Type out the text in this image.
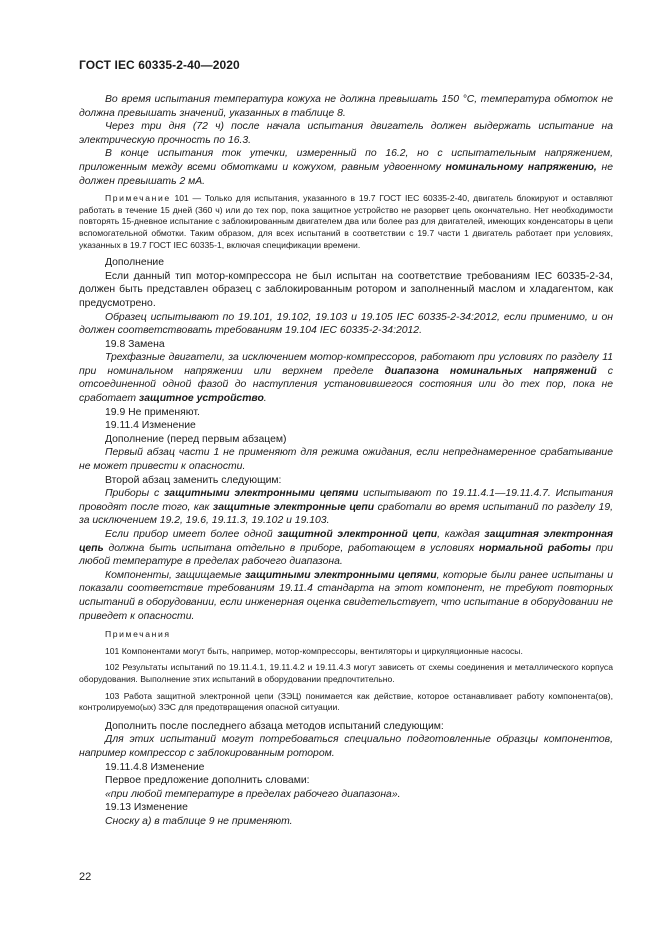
ГОСТ IEC 60335-2-40—2020

Во время испытания температура кожуха не должна превышать 150 °С, температура обмоток не должна превышать значений, указанных в таблице 8.

Через три дня (72 ч) после начала испытания двигатель должен выдержать испытание на электрическую прочность по 16.3.

В конце испытания ток утечки, измеренный по 16.2, но с испытательным напряжением, приложенным между всеми обмотками и кожухом, равным удвоенному номинальному напряжению, не должен превышать 2 мА.

Примечание 101 — Только для испытания, указанного в 19.7 ГОСТ IEC 60335-2-40, двигатель блокируют и оставляют работать в течение 15 дней (360 ч) или до тех пор, пока защитное устройство не разорвет цепь окончательно. Нет необходимости повторять 15-дневное испытание с заблокированным двигателем два или более раз для двигателей, имеющих конденсаторы в цепи вспомогательной обмотки. Таким образом, для всех испытаний в соответствии с 19.7 части 1 двигатель работает при условиях, указанных в 19.7 ГОСТ IEC 60335-1, включая спецификации времени.

Дополнение

Если данный тип мотор-компрессора не был испытан на соответствие требованиям IEC 60335-2-34, должен быть представлен образец с заблокированным ротором и заполненный маслом и хладагентом, как предусмотрено.

Образец испытывают по 19.101, 19.102, 19.103 и 19.105 IEC 60335-2-34:2012, если применимо, и он должен соответствовать требованиям 19.104 IEC 60335-2-34:2012.

19.8 Замена

Трехфазные двигатели, за исключением мотор-компрессоров, работают при условиях по разделу 11 при номинальном напряжении или верхнем пределе диапазона номинальных напряжений с отсоединенной одной фазой до наступления установившегося состояния или до тех пор, пока не сработает защитное устройство.

19.9 Не применяют.

19.11.4 Изменение

Дополнение (перед первым абзацем)

Первый абзац части 1 не применяют для режима ожидания, если непреднамеренное срабатывание не может привести к опасности.

Второй абзац заменить следующим:

Приборы с защитными электронными цепями испытывают по 19.11.4.1—19.11.4.7. Испытания проводят после того, как защитные электронные цепи сработали во время испытаний по разделу 19, за исключением 19.2, 19.6, 19.11.3, 19.102 и 19.103.

Если прибор имеет более одной защитной электронной цепи, каждая защитная электронная цепь должна быть испытана отдельно в приборе, работающем в условиях нормальной работы при любой температуре в пределах рабочего диапазона.

Компоненты, защищаемые защитными электронными цепями, которые были ранее испытаны и показали соответствие требованиям 19.11.4 стандарта на этот компонент, не требуют повторных испытаний в оборудовании, если инженерная оценка свидетельствует, что испытание в оборудовании не приведет к опасности.

Примечания

101 Компонентами могут быть, например, мотор-компрессоры, вентиляторы и циркуляционные насосы.

102 Результаты испытаний по 19.11.4.1, 19.11.4.2 и 19.11.4.3 могут зависеть от схемы соединения и металлического корпуса оборудования. Выполнение этих испытаний в оборудовании предпочтительно.

103 Работа защитной электронной цепи (ЗЭЦ) понимается как действие, которое останавливает работу компонента(ов), контролируемо(ых) ЗЭС для предотвращения опасной ситуации.

Дополнить после последнего абзаца методов испытаний следующим:

Для этих испытаний могут потребоваться специально подготовленные образцы компонентов, например компрессор с заблокированным ротором.

19.11.4.8 Изменение

Первое предложение дополнить словами:

«при любой температуре в пределах рабочего диапазона».

19.13 Изменение

Сноску а) в таблице 9 не применяют.

22
